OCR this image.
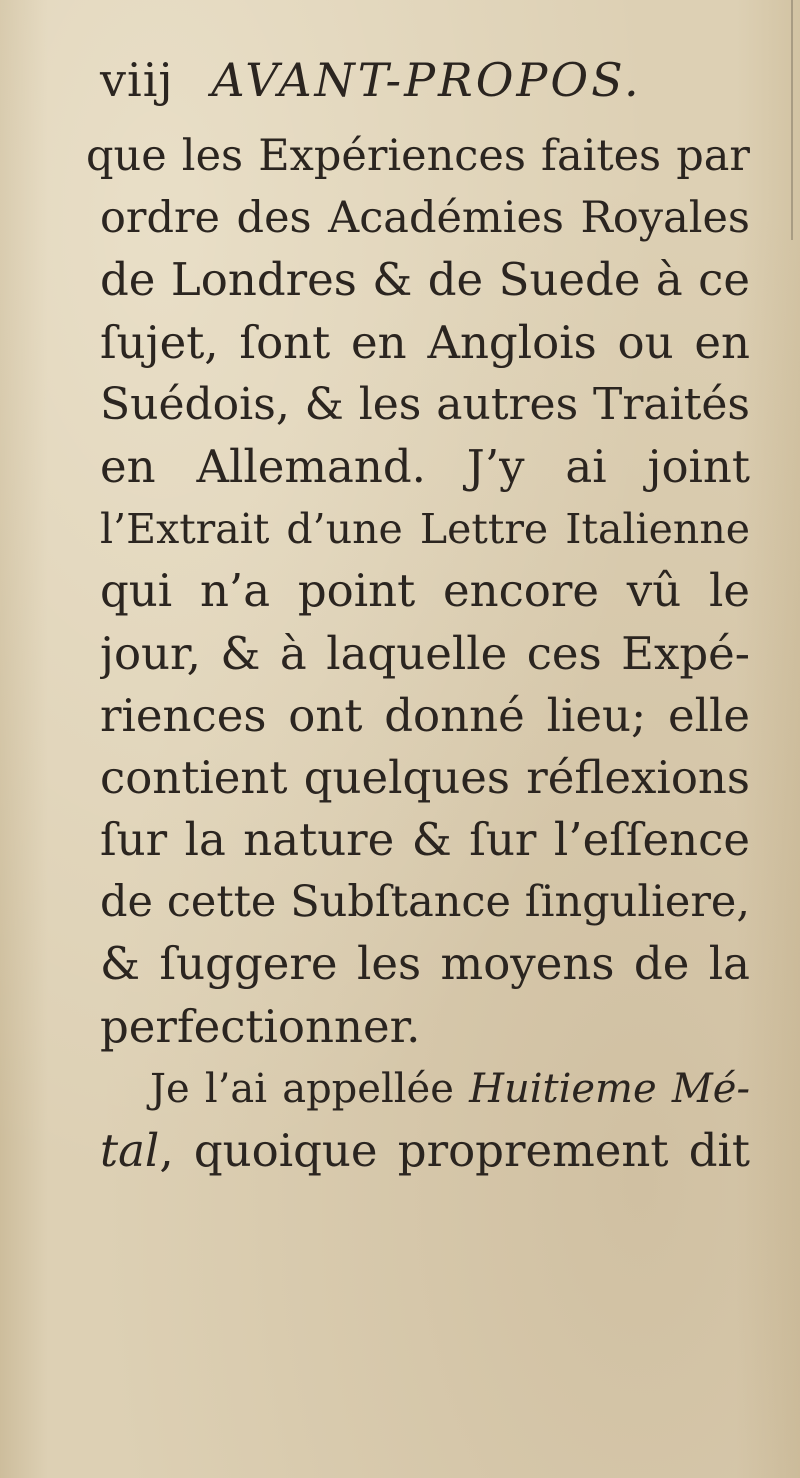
viij AVANT-PROPOS.
que les Expériences faites par
ordre des Académies Royales
de Londres & de Suede à ce
ſujet, ſont en Anglois ou en
Suédois, & les autres Traités
en Allemand. J’y ai joint
l’Extrait d’une Lettre Italienne
qui n’a point encore vû le
jour, & à laquelle ces Expé-
riences ont donné lieu; elle
contient quelques réflexions
ſur la nature & ſur l’eſſence
de cette Subſtance ſinguliere,
& ſuggere les moyens de la
perfectionner.
Je l’ai appellée Huitieme Mé-
tal, quoique proprement dit
